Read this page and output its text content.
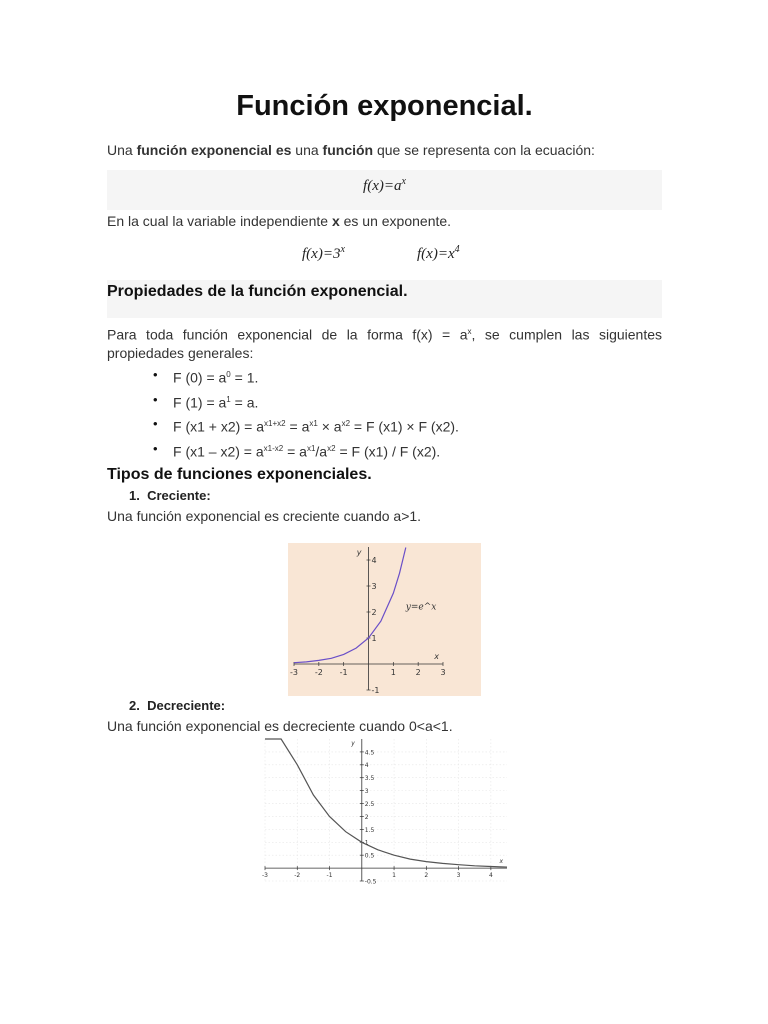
Función exponencial.

Una función exponencial es una función que se representa con la ecuación:

$f(x)=a^x$

En la cual la variable independiente x es un exponente.

$f(x)=3^x$	$f(x)=x^4$
Propiedades de la función exponencial.

Para toda función exponencial de la forma $f(x) = a^x$, se cumplen las siguientes propiedades generales:

• F $(0) = a^0 = 1$.
• F $(1) = a^1 = a$.
• F $(x1 + x2) = a^{x1+x2} = a^{x1} \times a^{x2} = F$ (x1) × F (x2).
• F $(x1 - x2) = a^{x1-x2} = a^{x1}/a^{x2} = F$ (x1) / F (x2).
Tipos de funciones exponenciales.

1. Creciente:

Una función exponencial es creciente cuando a>1.

-3 -2 -1	1 2 3
-1
1
2
3
4
x
y
y=e^x

2. Decreciente:

-3	-2	-1	1	2	3	4
-0.5
0.5
1
1.5
2
2.5
3
3.5
4
4.5
x
y

Una función exponencial es decreciente cuando 0<a<1.
